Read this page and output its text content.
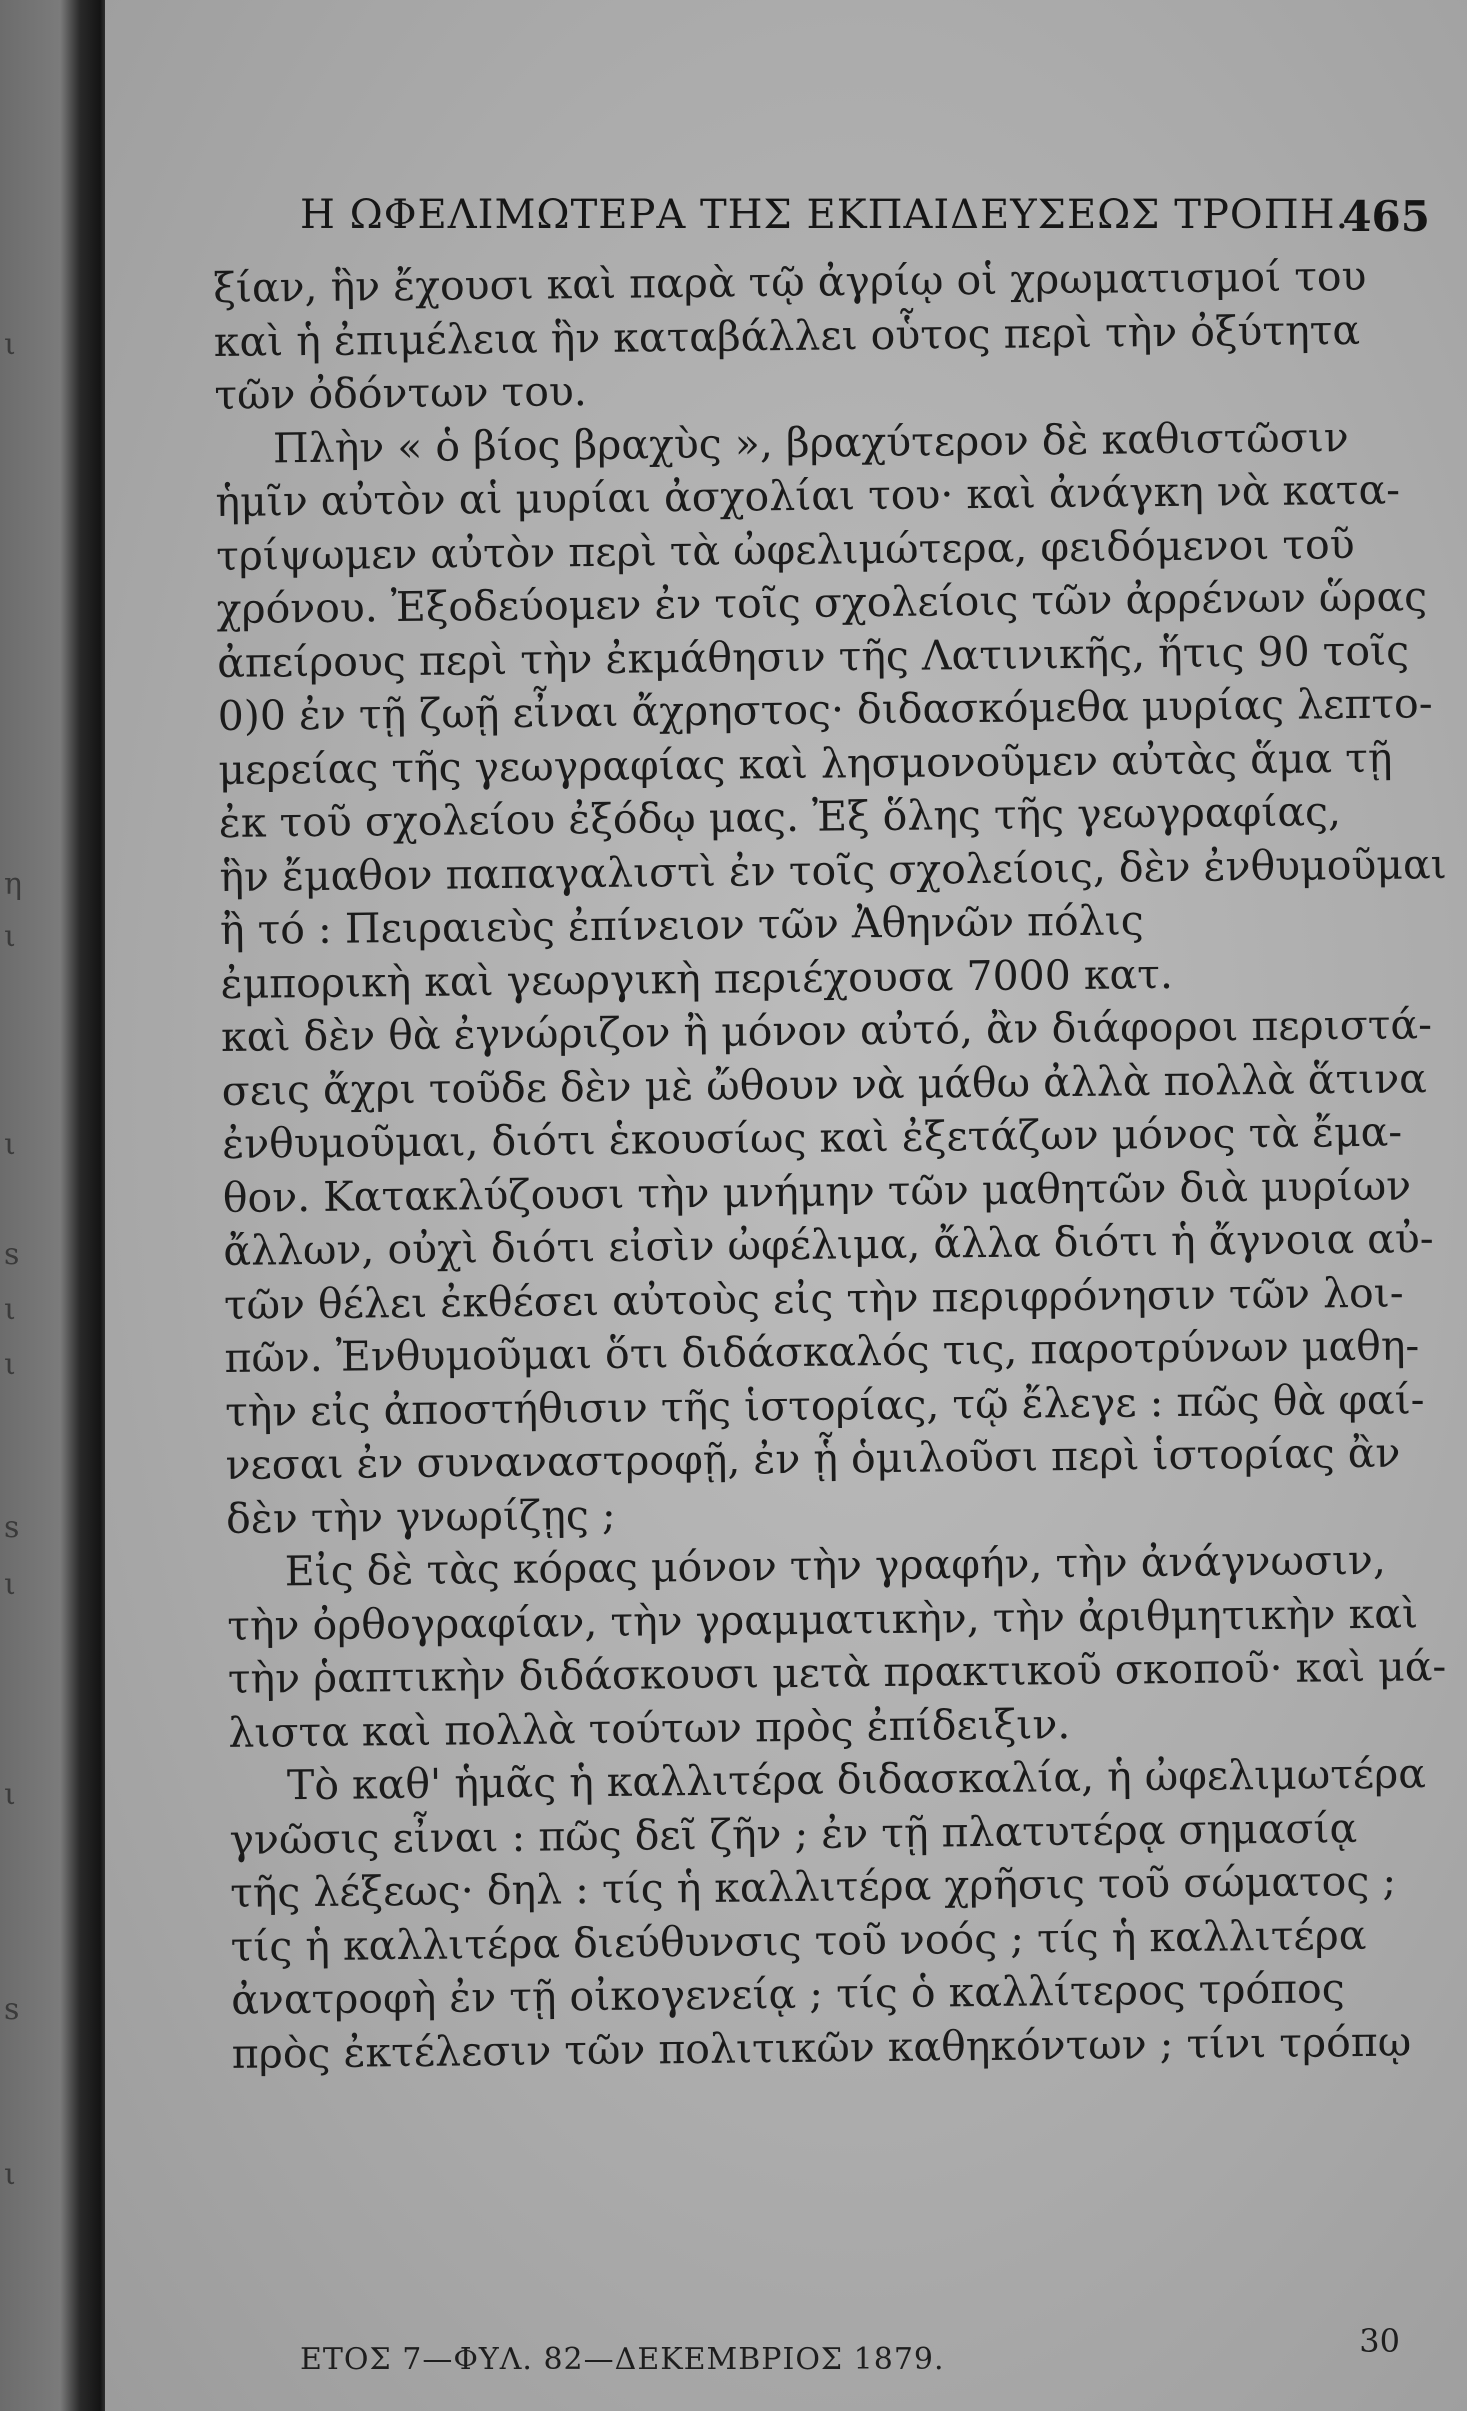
ι
η
ι
ι
s
ι
ι
s
ι
ι
s
ι
Η ΩΦΕΛΙΜΩΤΕΡΑ ΤΗΣ ΕΚΠΑΙΔΕΥΣΕΩΣ ΤΡΟΠΗ.
465
ξίαν, ἣν ἔχουσι καὶ παρὰ τῷ ἀγρίῳ οἱ χρωματισμοί του
καὶ ἡ ἐπιμέλεια ἣν καταβάλλει οὗτος περὶ τὴν ὀξύτητα
τῶν ὀδόντων του.
Πλὴν « ὁ βίος βραχὺς », βραχύτερον δὲ καθιστῶσιν
ἡμῖν αὐτὸν αἱ μυρίαι ἀσχολίαι του· καὶ ἀνάγκη νὰ κατα-
τρίψωμεν αὐτὸν περὶ τὰ ὠφελιμώτερα, φειδόμενοι τοῦ
χρόνου. Ἐξοδεύομεν ἐν τοῖς σχολείοις τῶν ἀρρένων ὥρας
ἀπείρους περὶ τὴν ἐκμάθησιν τῆς Λατινικῆς, ἥτις 90 τοῖς
0)0 ἐν τῇ ζωῇ εἶναι ἄχρηστος· διδασκόμεθα μυρίας λεπτο-
μερείας τῆς γεωγραφίας καὶ λησμονοῦμεν αὐτὰς ἅμα τῇ
ἐκ τοῦ σχολείου ἐξόδῳ μας. Ἐξ ὅλης τῆς γεωγραφίας,
ἣν ἔμαθον παπαγαλιστὶ ἐν τοῖς σχολείοις, δὲν ἐνθυμοῦμαι
ἢ τό : Πειραιεὺς ἐπίνειον τῶν Ἀθηνῶν πόλις
ἐμπορικὴ καὶ γεωργικὴ περιέχουσα 7000 κατ.
καὶ δὲν θὰ ἐγνώριζον ἢ μόνον αὐτό, ἂν διάφοροι περιστά-
σεις ἄχρι τοῦδε δὲν μὲ ὤθουν νὰ μάθω ἀλλὰ πολλὰ ἅτινα
ἐνθυμοῦμαι, διότι ἑκουσίως καὶ ἐξετάζων μόνος τὰ ἔμα-
θον. Κατακλύζουσι τὴν μνήμην τῶν μαθητῶν διὰ μυρίων
ἄλλων, οὐχὶ διότι εἰσὶν ὠφέλιμα, ἄλλα διότι ἡ ἄγνοια αὐ-
τῶν θέλει ἐκθέσει αὐτοὺς εἰς τὴν περιφρόνησιν τῶν λοι-
πῶν. Ἐνθυμοῦμαι ὅτι διδάσκαλός τις, παροτρύνων μαθη-
τὴν εἰς ἀποστήθισιν τῆς ἱστορίας, τῷ ἔλεγε : πῶς θὰ φαί-
νεσαι ἐν συναναστροφῇ, ἐν ᾗ ὁμιλοῦσι περὶ ἱστορίας ἂν
δὲν τὴν γνωρίζῃς ;
Εἰς δὲ τὰς κόρας μόνον τὴν γραφήν, τὴν ἀνάγνωσιν,
τὴν ὀρθογραφίαν, τὴν γραμματικὴν, τὴν ἀριθμητικὴν καὶ
τὴν ῥαπτικὴν διδάσκουσι μετὰ πρακτικοῦ σκοποῦ· καὶ μά-
λιστα καὶ πολλὰ τούτων πρὸς ἐπίδειξιν.
Τὸ καθ' ἡμᾶς ἡ καλλιτέρα διδασκαλία, ἡ ὠφελιμωτέρα
γνῶσις εἶναι : πῶς δεῖ ζῆν ; ἐν τῇ πλατυτέρᾳ σημασίᾳ
τῆς λέξεως· δηλ : τίς ἡ καλλιτέρα χρῆσις τοῦ σώματος ;
τίς ἡ καλλιτέρα διεύθυνσις τοῦ νοός ; τίς ἡ καλλιτέρα
ἀνατροφὴ ἐν τῇ οἰκογενείᾳ ; τίς ὁ καλλίτερος τρόπος
πρὸς ἐκτέλεσιν τῶν πολιτικῶν καθηκόντων ; τίνι τρόπῳ
ΕΤΟΣ 7—ΦΥΛ. 82—ΔΕΚΕΜΒΡΙΟΣ 1879.	30
